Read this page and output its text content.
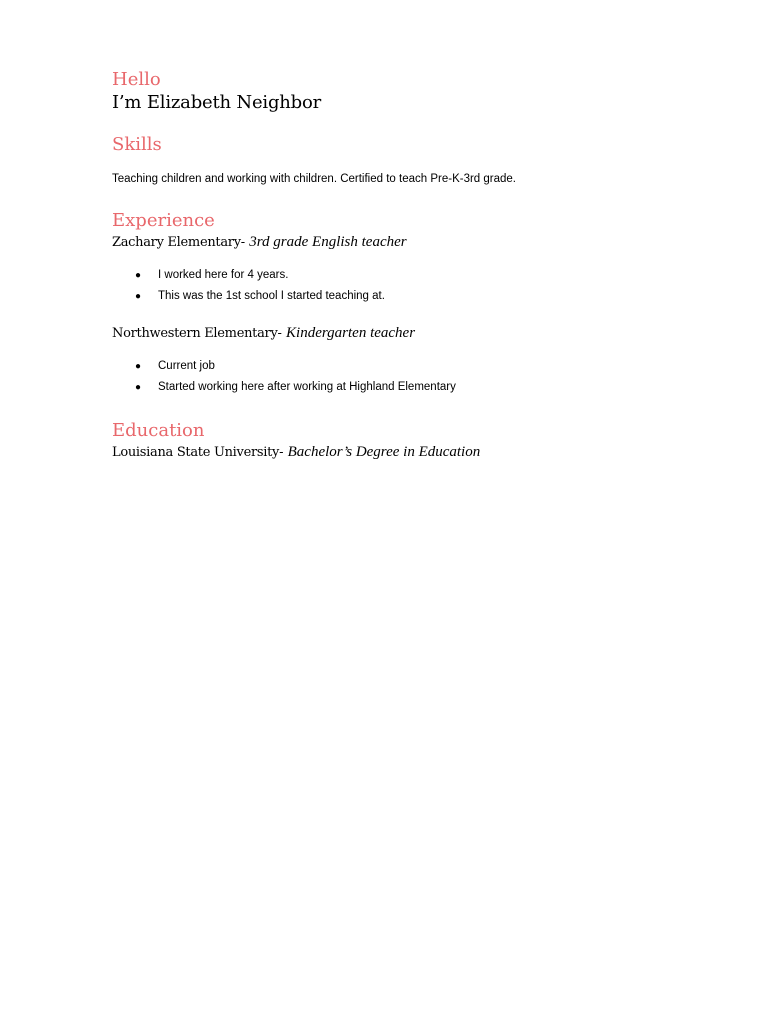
Hello
I’m Elizabeth Neighbor
Skills

Teaching children and working with children. Certified to teach Pre-K-3rd grade.

Experience

Zachary Elementary- 3rd grade English teacher

● I worked here for 4 years.
● This was the 1st school I started teaching at.

Northwestern Elementary- Kindergarten teacher

● Current job
● Started working here after working at Highland Elementary
Education

Louisiana State University- Bachelor’s Degree in Education
